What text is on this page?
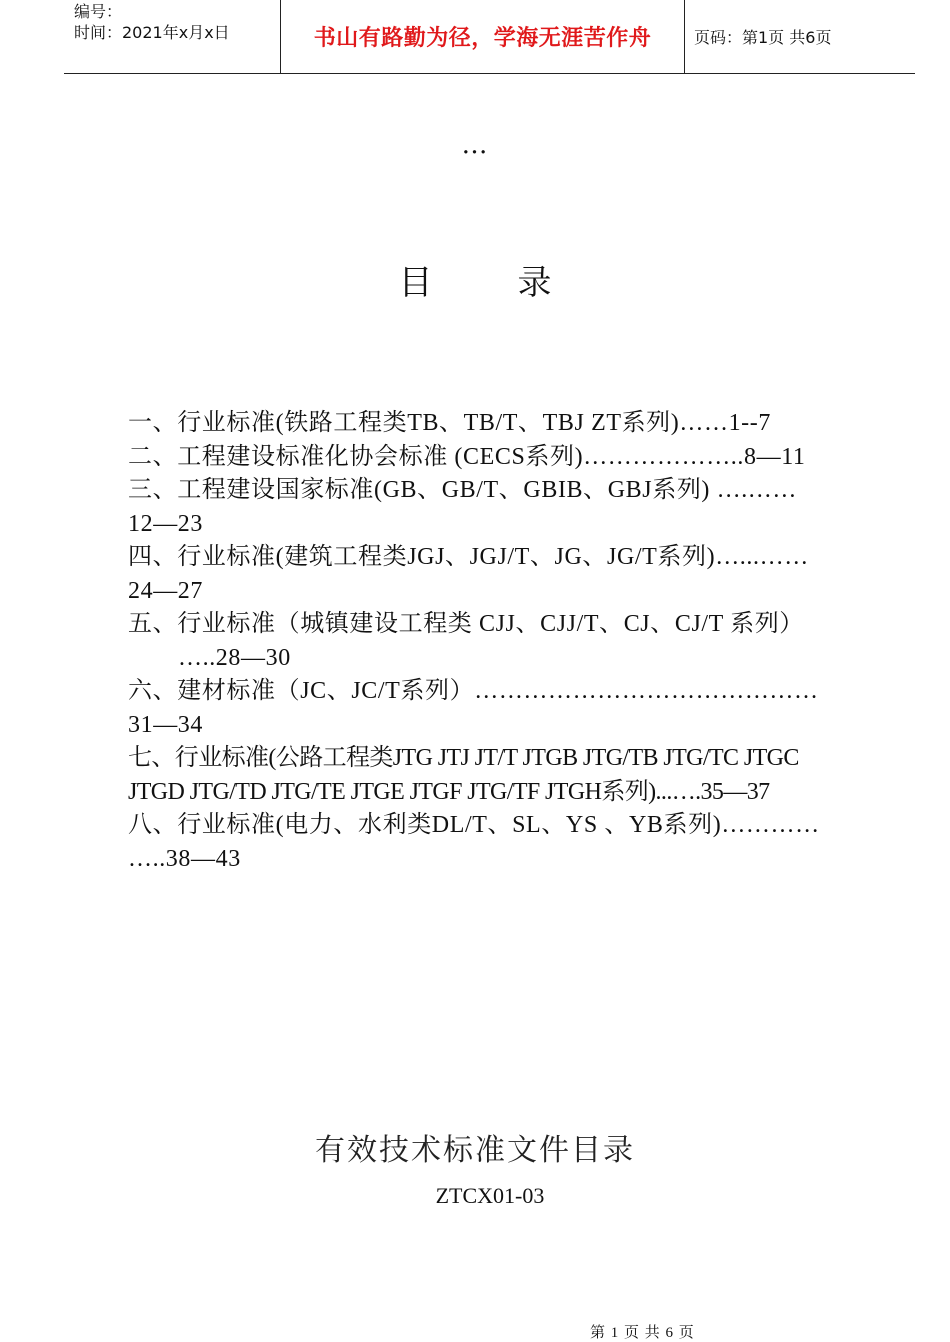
编号：
时间：2021年x月x日	书山有路勤为径，学海无涯苦作舟	页码：第1页 共6页
…
目	录
一、行业标准(铁路工程类TB、TB/T、TBJ ZT系列)……1--7
二、工程建设标准化协会标准 (CECS系列)………………..8—11
三、工程建设国家标准(GB、GB/T、GBIB、GBJ系列) ….……
12—23
四、行业标准(建筑工程类JGJ、JGJ/T、JG、JG/T系列)…...……
24—27
五、行业标准（城镇建设工程类 CJJ、CJJ/T、CJ、CJ/T 系列）
…..28—30
六、建材标准（JC、JC/T系列）……………………………………
31—34
七、行业标准(公路工程类JTG JTJ JT/T JTGB JTG/TB JTG/TC JTGC
JTGD JTG/TD JTG/TE JTGE JTGF JTG/TF JTGH系列)...….35—37
八、行业标准(电力、水利类DL/T、SL、YS 、YB系列)…………
…..38—43
有效技术标准文件目录
ZTCX01-03
第 1 页 共 6 页
